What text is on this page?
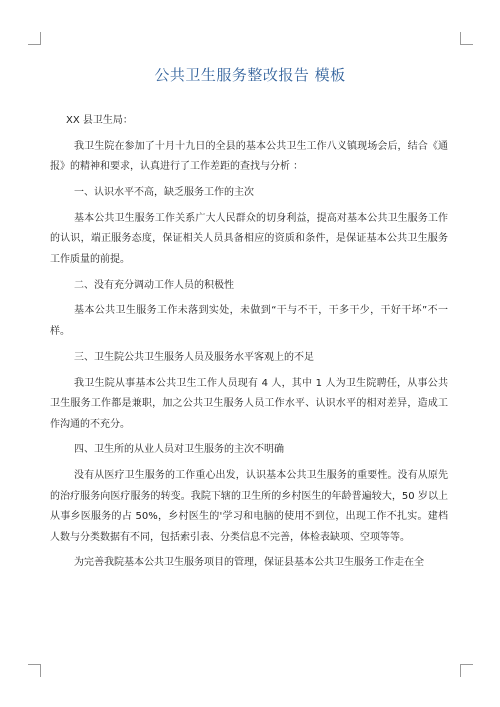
公共卫生服务整改报告 模板

XX 县卫生局：

我卫生院在参加了十月十九日的全县的基本公共卫生工作八义镇现场会后，结合《通报》的精神和要求，认真进行了工作差距的查找与分析 ：

一、认识水平不高，缺乏服务工作的主次

基本公共卫生服务工作关系广大人民群众的切身利益，提高对基本公共卫生服务工作的认识，端正服务态度，保证相关人员具备相应的资质和条件，是保证基本公共卫生服务工作质量的前提。

二、没有充分调动工作人员的积极性

基本公共卫生服务工作未落到实处，未做到“干与不干，干多干少，干好干坏”不一样。

三、卫生院公共卫生服务人员及服务水平客观上的不足

我卫生院从事基本公共卫生工作人员现有 4 人，其中 1 人为卫生院聘任，从事公共卫生服务工作都是兼职，加之公共卫生服务人员工作水平、认识水平的相对差异，造成工作沟通的不充分。

四、卫生所的从业人员对卫生服务的主次不明确

没有从医疗卫生服务的工作重心出发，认识基本公共卫生服务的重要性。没有从原先的治疗服务向医疗服务的转变。我院下辖的卫生所的乡村医生的年龄普遍较大，50 岁以上从事乡医服务的占 50%，乡村医生的'学习和电脑的使用不到位，出现工作不扎实。建档人数与分类数据有不同，包括索引表、分类信息不完善，体检表缺项、空项等等。

为完善我院基本公共卫生服务项目的管理，保证县基本公共卫生服务工作走在全
